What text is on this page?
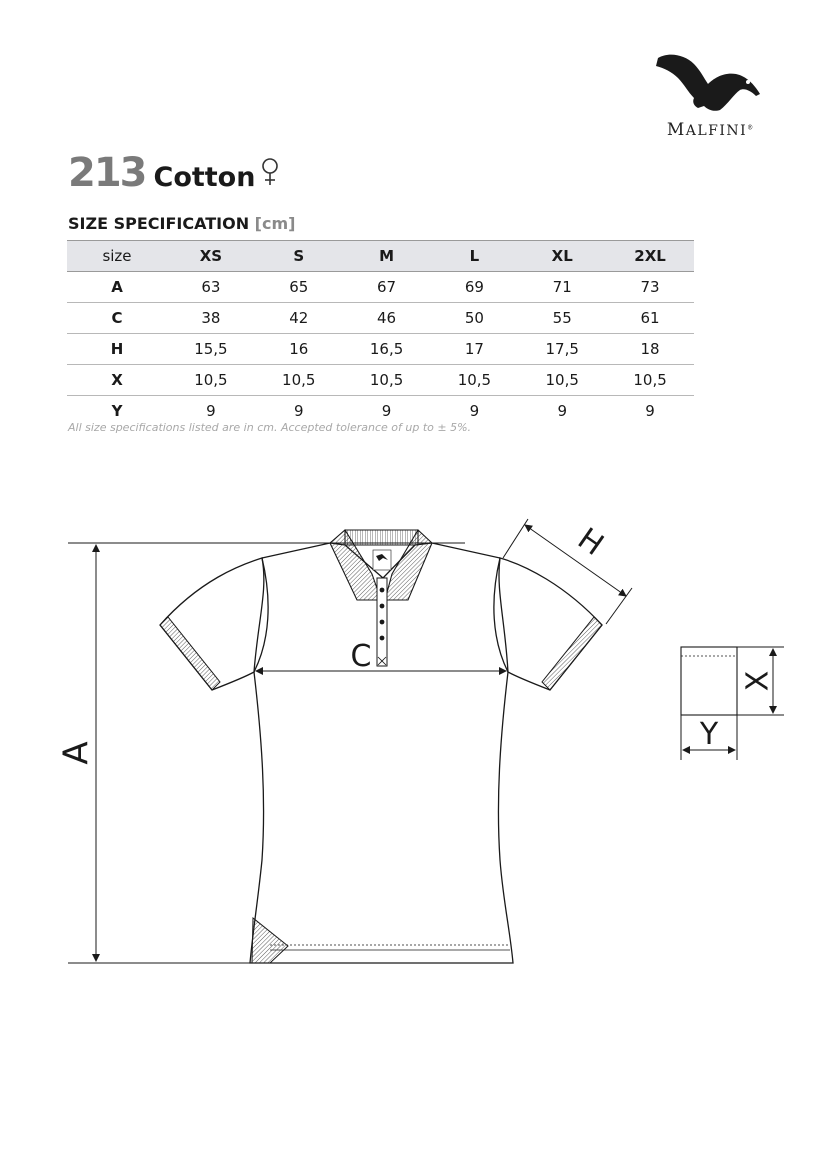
MALFINI®
213 Cotton
SIZE SPECIFICATION [cm]
size	XS	S	M	L	XL	2XL
A	63	65	67	69	71	73
C	38	42	46	50	55	61
H	15,5	16	16,5	17	17,5	18
X	10,5	10,5	10,5	10,5	10,5	10,5
Y	9	9	9	9	9	9
All size specifications listed are in cm. Accepted tolerance of up to ± 5%.
A
C
H
X
Y
